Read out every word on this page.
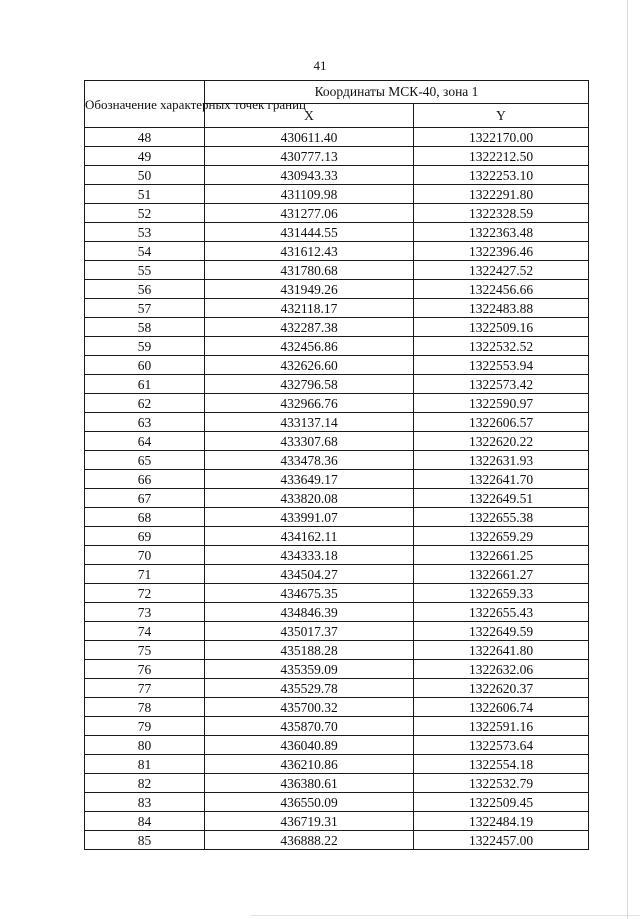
41
Обозначение характерных точек границ	Координаты МСК-40, зона 1	
	X	Y
48	430611.40	1322170.00
49	430777.13	1322212.50
50	430943.33	1322253.10
51	431109.98	1322291.80
52	431277.06	1322328.59
53	431444.55	1322363.48
54	431612.43	1322396.46
55	431780.68	1322427.52
56	431949.26	1322456.66
57	432118.17	1322483.88
58	432287.38	1322509.16
59	432456.86	1322532.52
60	432626.60	1322553.94
61	432796.58	1322573.42
62	432966.76	1322590.97
63	433137.14	1322606.57
64	433307.68	1322620.22
65	433478.36	1322631.93
66	433649.17	1322641.70
67	433820.08	1322649.51
68	433991.07	1322655.38
69	434162.11	1322659.29
70	434333.18	1322661.25
71	434504.27	1322661.27
72	434675.35	1322659.33
73	434846.39	1322655.43
74	435017.37	1322649.59
75	435188.28	1322641.80
76	435359.09	1322632.06
77	435529.78	1322620.37
78	435700.32	1322606.74
79	435870.70	1322591.16
80	436040.89	1322573.64
81	436210.86	1322554.18
82	436380.61	1322532.79
83	436550.09	1322509.45
84	436719.31	1322484.19
85	436888.22	1322457.00
